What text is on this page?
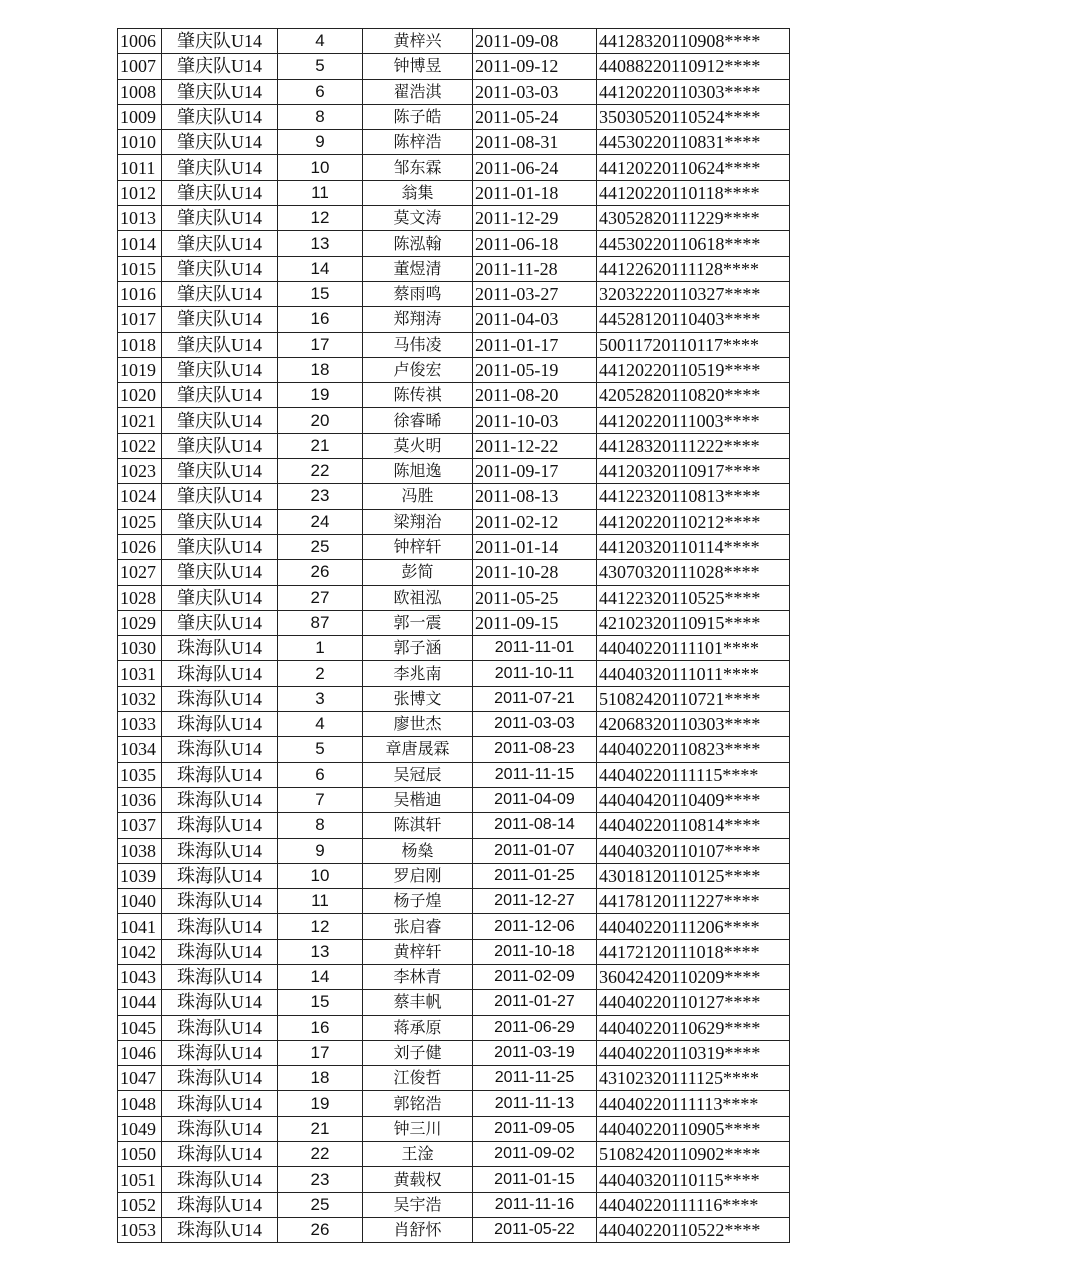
1006	肇庆队U14	4	黄梓兴	2011-09-08	44128320110908****
1007	肇庆队U14	5	钟博昱	2011-09-12	44088220110912****
1008	肇庆队U14	6	翟浩淇	2011-03-03	44120220110303****
1009	肇庆队U14	8	陈子皓	2011-05-24	35030520110524****
1010	肇庆队U14	9	陈梓浩	2011-08-31	44530220110831****
1011	肇庆队U14	10	邹东霖	2011-06-24	44120220110624****
1012	肇庆队U14	11	翁集	2011-01-18	44120220110118****
1013	肇庆队U14	12	莫文涛	2011-12-29	43052820111229****
1014	肇庆队U14	13	陈泓翰	2011-06-18	44530220110618****
1015	肇庆队U14	14	董煜清	2011-11-28	44122620111128****
1016	肇庆队U14	15	蔡雨鸣	2011-03-27	32032220110327****
1017	肇庆队U14	16	郑翔涛	2011-04-03	44528120110403****
1018	肇庆队U14	17	马伟凌	2011-01-17	50011720110117****
1019	肇庆队U14	18	卢俊宏	2011-05-19	44120220110519****
1020	肇庆队U14	19	陈传祺	2011-08-20	42052820110820****
1021	肇庆队U14	20	徐睿晞	2011-10-03	44120220111003****
1022	肇庆队U14	21	莫火明	2011-12-22	44128320111222****
1023	肇庆队U14	22	陈旭逸	2011-09-17	44120320110917****
1024	肇庆队U14	23	冯胜	2011-08-13	44122320110813****
1025	肇庆队U14	24	梁翔治	2011-02-12	44120220110212****
1026	肇庆队U14	25	钟梓轩	2011-01-14	44120320110114****
1027	肇庆队U14	26	彭简	2011-10-28	43070320111028****
1028	肇庆队U14	27	欧祖泓	2011-05-25	44122320110525****
1029	肇庆队U14	87	郭一震	2011-09-15	42102320110915****
1030	珠海队U14	1	郭子涵	2011-11-01	44040220111101****
1031	珠海队U14	2	李兆南	2011-10-11	44040320111011****
1032	珠海队U14	3	张博文	2011-07-21	51082420110721****
1033	珠海队U14	4	廖世杰	2011-03-03	42068320110303****
1034	珠海队U14	5	章唐晟霖	2011-08-23	44040220110823****
1035	珠海队U14	6	吴冠辰	2011-11-15	44040220111115****
1036	珠海队U14	7	吴楷迪	2011-04-09	44040420110409****
1037	珠海队U14	8	陈淇轩	2011-08-14	44040220110814****
1038	珠海队U14	9	杨燊	2011-01-07	44040320110107****
1039	珠海队U14	10	罗启刚	2011-01-25	43018120110125****
1040	珠海队U14	11	杨子煌	2011-12-27	44178120111227****
1041	珠海队U14	12	张启睿	2011-12-06	44040220111206****
1042	珠海队U14	13	黄梓轩	2011-10-18	44172120111018****
1043	珠海队U14	14	李林青	2011-02-09	36042420110209****
1044	珠海队U14	15	蔡丰帆	2011-01-27	44040220110127****
1045	珠海队U14	16	蒋承原	2011-06-29	44040220110629****
1046	珠海队U14	17	刘子健	2011-03-19	44040220110319****
1047	珠海队U14	18	江俊哲	2011-11-25	43102320111125****
1048	珠海队U14	19	郭铭浩	2011-11-13	44040220111113****
1049	珠海队U14	21	钟三川	2011-09-05	44040220110905****
1050	珠海队U14	22	王淦	2011-09-02	51082420110902****
1051	珠海队U14	23	黄载权	2011-01-15	44040320110115****
1052	珠海队U14	25	吴宇浩	2011-11-16	44040220111116****
1053	珠海队U14	26	肖舒怀	2011-05-22	44040220110522****
